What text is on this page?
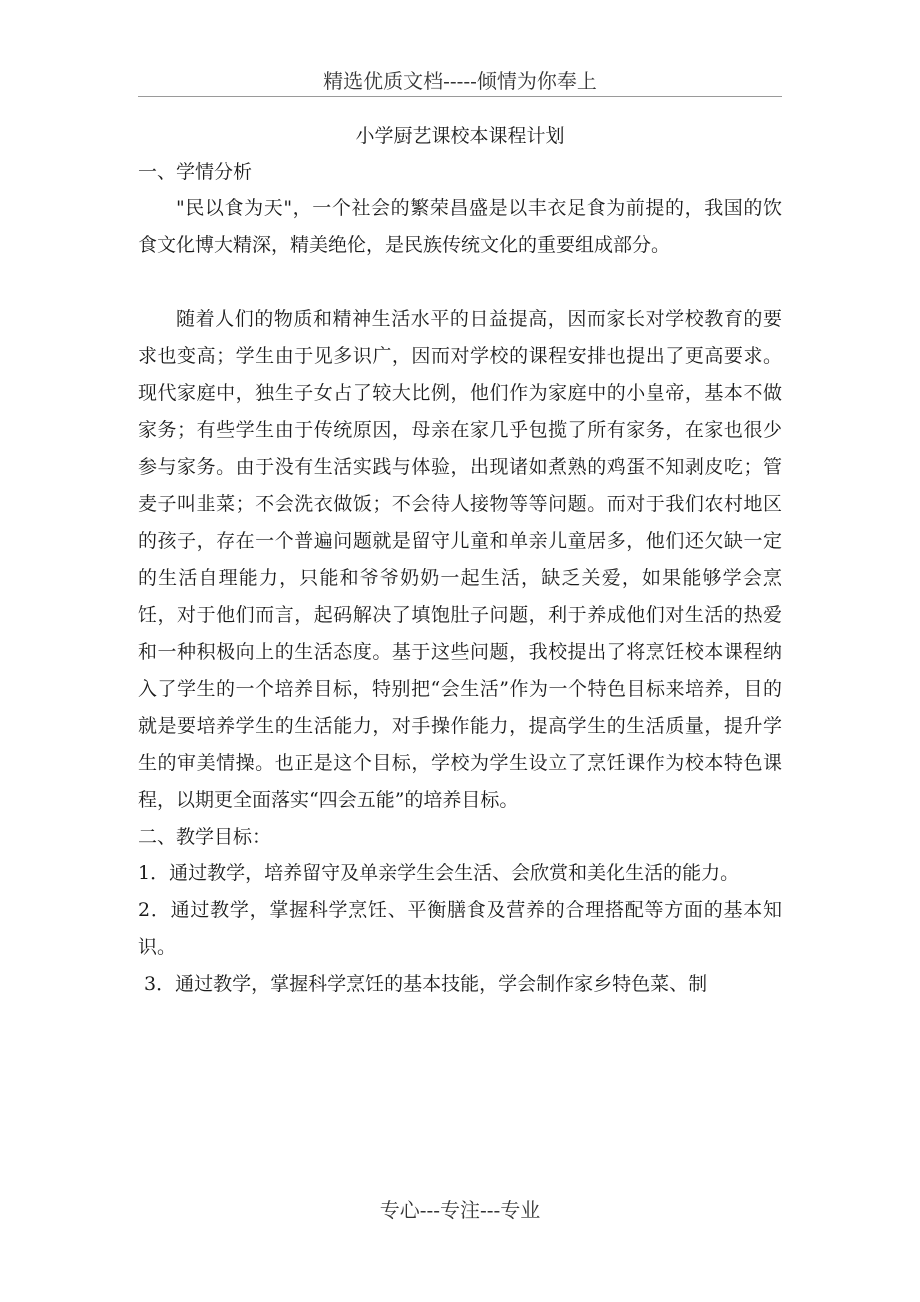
精选优质文档-----倾情为你奉上

小学厨艺课校本课程计划

一、学情分析

"民以食为天"，一个社会的繁荣昌盛是以丰衣足食为前提的，我国的饮食文化博大精深，精美绝伦，是民族传统文化的重要组成部分。

随着人们的物质和精神生活水平的日益提高，因而家长对学校教育的要求也变高；学生由于见多识广，因而对学校的课程安排也提出了更高要求。现代家庭中，独生子女占了较大比例，他们作为家庭中的小皇帝，基本不做家务；有些学生由于传统原因，母亲在家几乎包揽了所有家务，在家也很少参与家务。由于没有生活实践与体验，出现诸如煮熟的鸡蛋不知剥皮吃；管麦子叫韭菜；不会洗衣做饭；不会待人接物等等问题。而对于我们农村地区的孩子，存在一个普遍问题就是留守儿童和单亲儿童居多，他们还欠缺一定的生活自理能力，只能和爷爷奶奶一起生活，缺乏关爱，如果能够学会烹饪，对于他们而言，起码解决了填饱肚子问题，利于养成他们对生活的热爱和一种积极向上的生活态度。基于这些问题，我校提出了将烹饪校本课程纳入了学生的一个培养目标，特别把“会生活”作为一个特色目标来培养，目的就是要培养学生的生活能力，对手操作能力，提高学生的生活质量，提升学生的审美情操。也正是这个目标，学校为学生设立了烹饪课作为校本特色课程，以期更全面落实“四会五能”的培养目标。

二、教学目标：

1．通过教学，培养留守及单亲学生会生活、会欣赏和美化生活的能力。

2．通过教学，掌握科学烹饪、平衡膳食及营养的合理搭配等方面的基本知识。

3．通过教学，掌握科学烹饪的基本技能，学会制作家乡特色菜、制

专心---专注---专业
